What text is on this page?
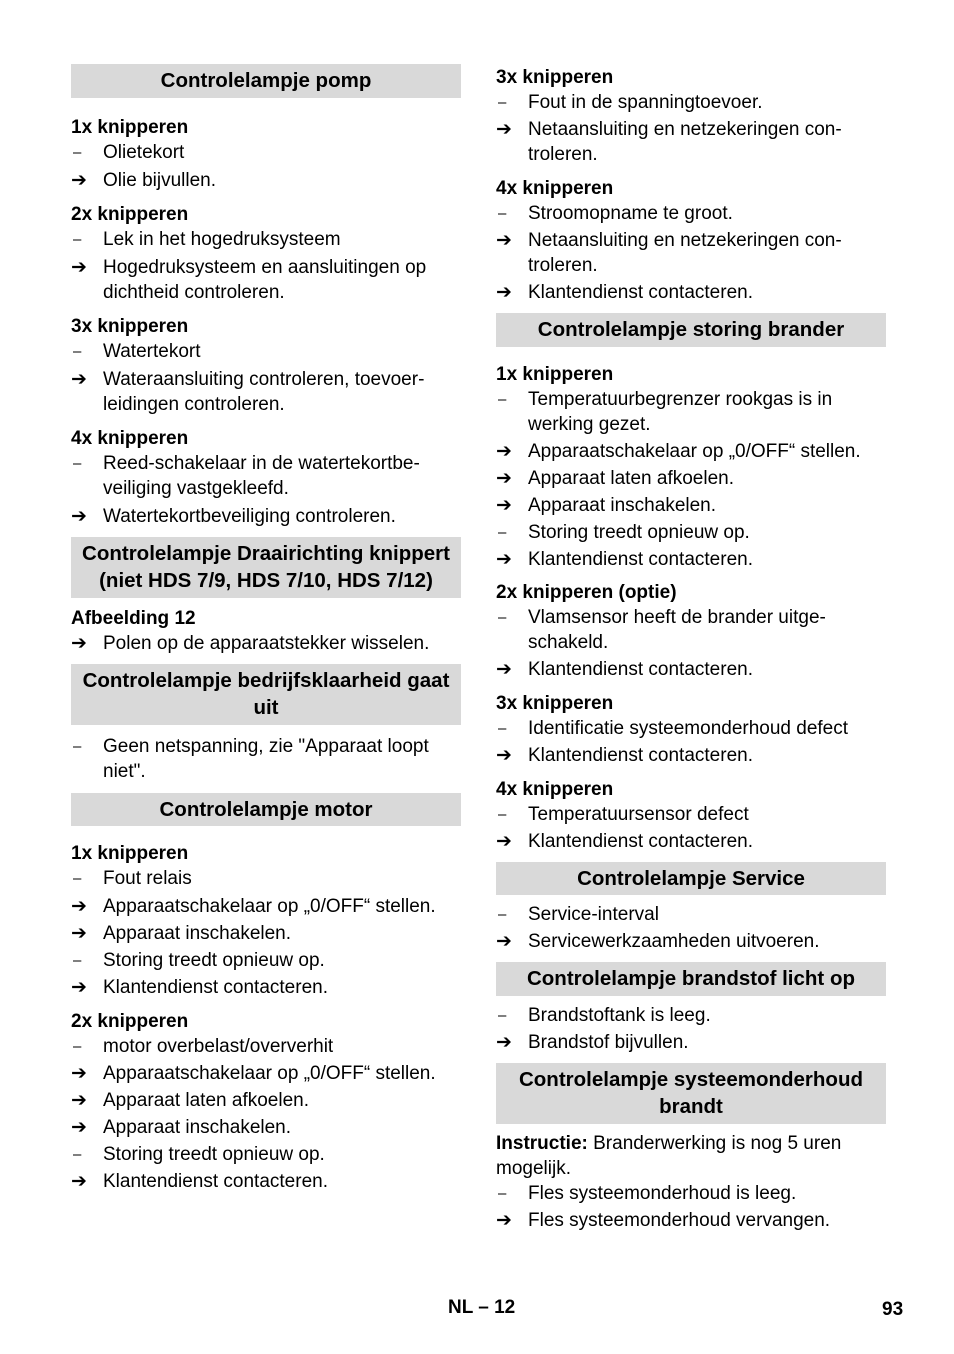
Controlelampje pomp
1x knipperen
–	Olietekort
➔ Olie bijvullen.
2x knipperen
–	Lek in het hogedruksysteem
➔ Hogedruksysteem en aansluitingen op dichtheid controleren.
3x knipperen
–	Watertekort
➔ Wateraansluiting controleren, toevoer- leidingen controleren.
4x knipperen
–	Reed-schakelaar in de watertekortbe- veiliging vastgekleefd.
➔ Watertekortbeveiliging controleren.
Controlelampje Draairichting knippert (niet HDS 7/9, HDS 7/10, HDS 7/12)
Afbeelding 12
➔ Polen op de apparaatstekker wisselen.
Controlelampje bedrijfsklaarheid gaat uit
–	Geen netspanning, zie "Apparaat loopt niet".
Controlelampje motor
1x knipperen
–	Fout relais
➔ Apparaatschakelaar op „0/OFF“ stellen.
➔ Apparaat inschakelen.
–	Storing treedt opnieuw op.
➔ Klantendienst contacteren.
2x knipperen
–	motor overbelast/oververhit
➔ Apparaatschakelaar op „0/OFF“ stellen.
➔ Apparaat laten afkoelen.
➔ Apparaat inschakelen.
–	Storing treedt opnieuw op.
➔ Klantendienst contacteren.
3x knipperen
–	Fout in de spanningtoevoer.
➔ Netaansluiting en netzekeringen con- troleren.
4x knipperen
–	Stroomopname te groot.
➔ Netaansluiting en netzekeringen con- troleren.
➔ Klantendienst contacteren.
Controlelampje storing brander
1x knipperen
–	Temperatuurbegrenzer rookgas is in werking gezet.
➔ Apparaatschakelaar op „0/OFF“ stellen.
➔ Apparaat laten afkoelen.
➔ Apparaat inschakelen.
–	Storing treedt opnieuw op.
➔ Klantendienst contacteren.
2x knipperen (optie)
–	Vlamsensor heeft de brander uitge- schakeld.
➔ Klantendienst contacteren.
3x knipperen
–	Identificatie systeemonderhoud defect
➔ Klantendienst contacteren.
4x knipperen
–	Temperatuursensor defect
➔ Klantendienst contacteren.
Controlelampje Service
–	Service-interval
➔ Servicewerkzaamheden uitvoeren.
Controlelampje brandstof licht op
–	Brandstoftank is leeg.
➔ Brandstof bijvullen.
Controlelampje systeemonderhoud brandt
Instructie: Branderwerking is nog 5 uren mogelijk.
–	Fles systeemonderhoud is leeg.
➔ Fles systeemonderhoud vervangen.
NL – 12	93
